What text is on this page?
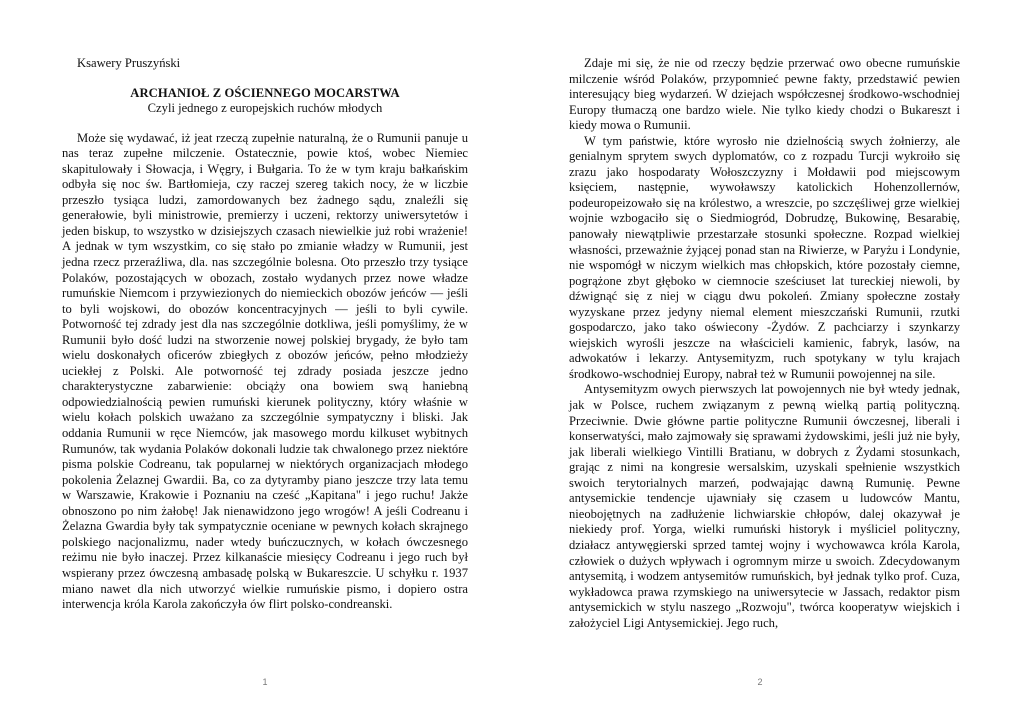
Ksawery Pruszyński

ARCHANIOŁ Z OŚCIENNEGO MOCARSTWA

Czyli jednego z europejskich ruchów młodych

Może się wydawać, iż jeat rzeczą zupełnie naturalną, że o Rumunii panuje u nas teraz zupełne milczenie. Ostatecznie, powie ktoś, wobec Niemiec skapitulowały i Słowacja, i Węgry, i Bułgaria. To że w tym kraju bałkańskim odbyła się noc św. Bartłomieja, czy raczej szereg takich nocy, że w liczbie przeszło tysiąca ludzi, zamordowanych bez żadnego sądu, znaleźli się generałowie, byli ministrowie, premierzy i uczeni, rektorzy uniwersytetów i jeden biskup, to wszystko w dzisiejszych czasach niewielkie już robi wrażenie! A jednak w tym wszystkim, co się stało po zmianie władzy w Rumunii, jest jedna rzecz przeraźliwa, dla. nas szczególnie bolesna. Oto przeszło trzy tysiące Polaków, pozostających w obozach, zostało wydanych przez nowe władze rumuńskie Niemcom i przywiezionych do niemieckich obozów jeńców — jeśli to byli wojskowi, do obozów koncentracyjnych — jeśli to byli cywile. Potworność tej zdrady jest dla nas szczególnie dotkliwa, jeśli pomyślimy, że w Rumunii było dość ludzi na stworzenie nowej polskiej brygady, że było tam wielu doskonałych oficerów zbiegłych z obozów jeńców, pełno młodzieży uciekłej z Polski. Ale potworność tej zdrady posiada jeszcze jedno charakterystyczne zabarwienie: obciąży ona bowiem swą haniebną odpowiedzialnością pewien rumuński kierunek polityczny, który właśnie w wielu kołach polskich uważano za szczególnie sympatyczny i bliski. Jak oddania Rumunii w ręce Niemców, jak masowego mordu kilkuset wybitnych Rumunów, tak wydania Polaków dokonali ludzie tak chwalonego przez niektóre pisma polskie Codreanu, tak popularnej w niektórych organizacjach młodego pokolenia Żelaznej Gwardii. Ba, co za dytyramby piano jeszcze trzy lata temu w Warszawie, Krakowie i Poznaniu na cześć „Kapitana" i jego ruchu! Jakże obnoszono po nim żałobę! Jak nienawidzono jego wrogów! A jeśli Codreanu i Żelazna Gwardia były tak sympatycznie oceniane w pewnych kołach skrajnego polskiego nacjonalizmu, nader wtedy buńczucznych, w kołach ówczesnego reżimu nie było inaczej. Przez kilkanaście miesięcy Codreanu i jego ruch był wspierany przez ówczesną ambasadę polską w Bukareszcie. U schyłku r. 1937 miano nawet dla nich utworzyć wielkie rumuńskie pismo, i dopiero ostra interwencja króla Karola zakończyła ów flirt polsko-condreanski.

1

Zdaje mi się, że nie od rzeczy będzie przerwać owo obecne rumuńskie milczenie wśród Polaków, przypomnieć pewne fakty, przedstawić pewien interesujący bieg wydarzeń. W dziejach współczesnej środkowo-wschodniej Europy tłumaczą one bardzo wiele. Nie tylko kiedy chodzi o Bukareszt i kiedy mowa o Rumunii.

W tym państwie, które wyrosło nie dzielnością swych żołnierzy, ale genialnym sprytem swych dyplomatów, co z rozpadu Turcji wykroiło się zrazu jako hospodaraty Wołoszczyzny i Mołdawii pod miejscowym księciem, następnie, wywoławszy katolickich Hohenzollernów, podeuropeizowało się na królestwo, a wreszcie, po szczęśliwej grze wielkiej wojnie wzbogaciło się o Siedmiogród, Dobrudzę, Bukowinę, Besarabię, panowały niewątpliwie przestarzałe stosunki społeczne. Rozpad wielkiej własności, przeważnie żyjącej ponad stan na Riwierze, w Paryżu i Londynie, nie wspomógł w niczym wielkich mas chłopskich, które pozostały ciemne, pogrążone zbyt głęboko w ciemnocie sześciuset lat tureckiej niewoli, by dźwignąć się z niej w ciągu dwu pokoleń. Zmiany społeczne zostały wyzyskane przez jedyny niemal element mieszczański Rumunii, rzutki gospodarczo, jako tako oświecony -Żydów. Z pachciarzy i szynkarzy wiejskich wyrośli jeszcze na właścicieli kamienic, fabryk, lasów, na adwokatów i lekarzy. Antysemityzm, ruch spotykany w tylu krajach środkowo-wschodniej Europy, nabrał też w Rumunii powojennej na sile.

Antysemityzm owych pierwszych lat powojennych nie był wtedy jednak, jak w Polsce, ruchem związanym z pewną wielką partią polityczną. Przeciwnie. Dwie główne partie polityczne Rumunii ówczesnej, liberali i konserwatyści, mało zajmowały się sprawami żydowskimi, jeśli już nie były, jak liberali wielkiego Vintilli Bratianu, w dobrych z Żydami stosunkach, grając z nimi na kongresie wersalskim, uzyskali spełnienie wszystkich swoich terytorialnych marzeń, podwajając dawną Rumunię. Pewne antysemickie tendencje ujawniały się czasem u ludowców Mantu, nieobojętnych na zadłużenie lichwiarskie chłopów, dalej okazywał je niekiedy prof. Yorga, wielki rumuński historyk i myśliciel polityczny, działacz antywęgierski sprzed tamtej wojny i wychowawca króla Karola, człowiek o dużych wpływach i ogromnym mirze u swoich. Zdecydowanym antysemitą, i wodzem antysemitów rumuńskich, był jednak tylko prof. Cuza, wykładowca prawa rzymskiego na uniwersytecie w Jassach, redaktor pism antysemickich w stylu naszego „Rozwoju", twórca kooperatyw wiejskich i założyciel Ligi Antysemickiej. Jego ruch,

2
